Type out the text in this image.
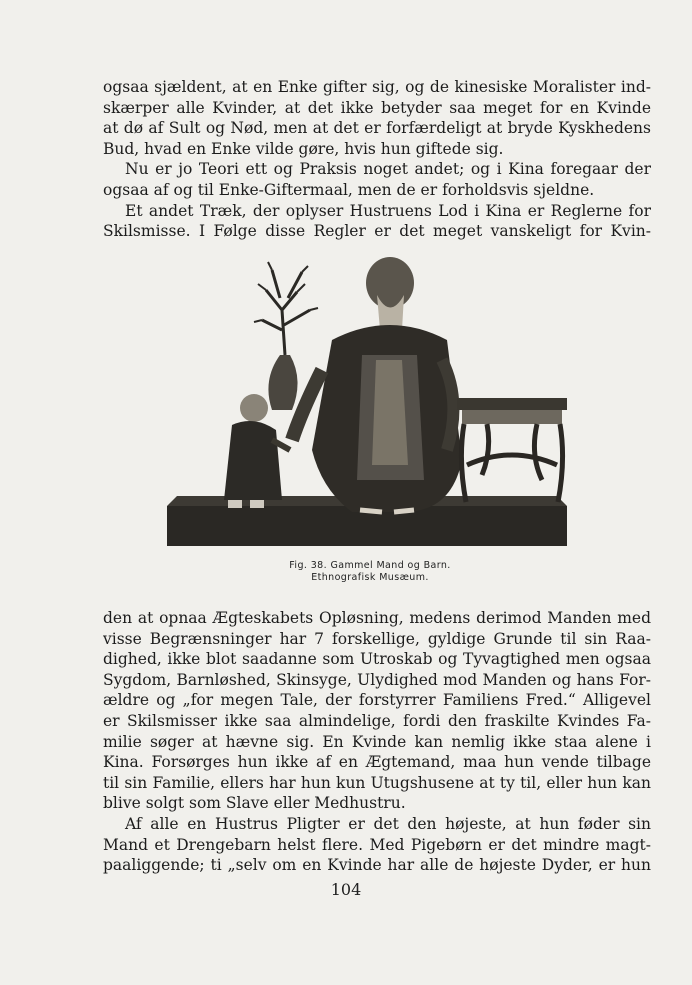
ogsaa sjældent, at en Enke gifter sig, og de kinesiske Moralister ind-
skærper alle Kvinder, at det ikke betyder saa meget for en Kvinde
at dø af Sult og Nød, men at det er forfærdeligt at bryde Kyskhedens
Bud, hvad en Enke vilde gøre, hvis hun giftede sig.
Nu er jo Teori ett og Praksis noget andet; og i Kina foregaar der
ogsaa af og til Enke-Giftermaal, men de er forholdsvis sjeldne.
Et andet Træk, der oplyser Hustruens Lod i Kina er Reglerne for
Skilsmisse. I Følge disse Regler er det meget vanskeligt for Kvin-
Fig. 38. Gammel Mand og Barn.
Ethnografisk Musæum.
den at opnaa Ægteskabets Opløsning, medens derimod Manden med
visse Begrænsninger har 7 forskellige, gyldige Grunde til sin Raa-
dighed, ikke blot saadanne som Utroskab og Tyvagtighed men ogsaa
Sygdom, Barnløshed, Skinsyge, Ulydighed mod Manden og hans For-
ældre og „for megen Tale, der forstyrrer Familiens Fred.“ Alligevel
er Skilsmisser ikke saa almindelige, fordi den fraskilte Kvindes Fa-
milie søger at hævne sig. En Kvinde kan nemlig ikke staa alene i
Kina. Forsørges hun ikke af en Ægtemand, maa hun vende tilbage
til sin Familie, ellers har hun kun Utugshusene at ty til, eller hun kan
blive solgt som Slave eller Medhustru.
Af alle en Hustrus Pligter er det den højeste, at hun føder sin
Mand et Drengebarn helst flere. Med Pigebørn er det mindre magt-
paaliggende; ti „selv om en Kvinde har alle de højeste Dyder, er hun
104
